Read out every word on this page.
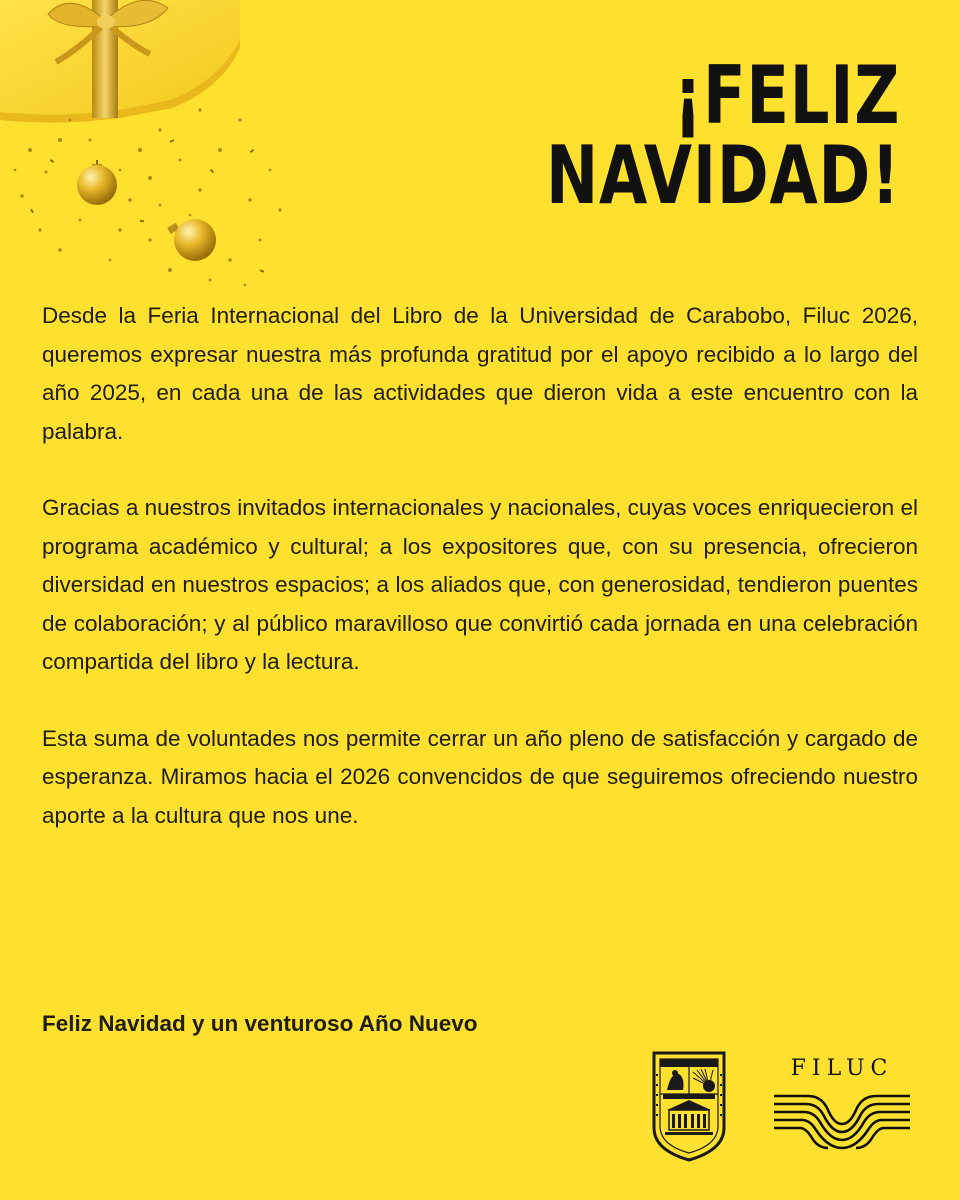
¡FELIZ
NAVIDAD!

Desde la Feria Internacional del Libro de la Universidad de Carabobo, Filuc 2026, queremos expresar nuestra más profunda gratitud por el apoyo recibido a lo largo del año 2025, en cada una de las actividades que dieron vida a este encuentro con la palabra.

Gracias a nuestros invitados internacionales y nacionales, cuyas voces enriquecieron el programa académico y cultural; a los expositores que, con su presencia, ofrecieron diversidad en nuestros espacios; a los aliados que, con generosidad, tendieron puentes de colaboración; y al público maravilloso que convirtió cada jornada en una celebración compartida del libro y la lectura.

Esta suma de voluntades nos permite cerrar un año pleno de satisfacción y cargado de esperanza. Miramos hacia el 2026 convencidos de que seguiremos ofreciendo nuestro aporte a la cultura que nos une.

Feliz Navidad y un venturoso Año Nuevo
FILUC
